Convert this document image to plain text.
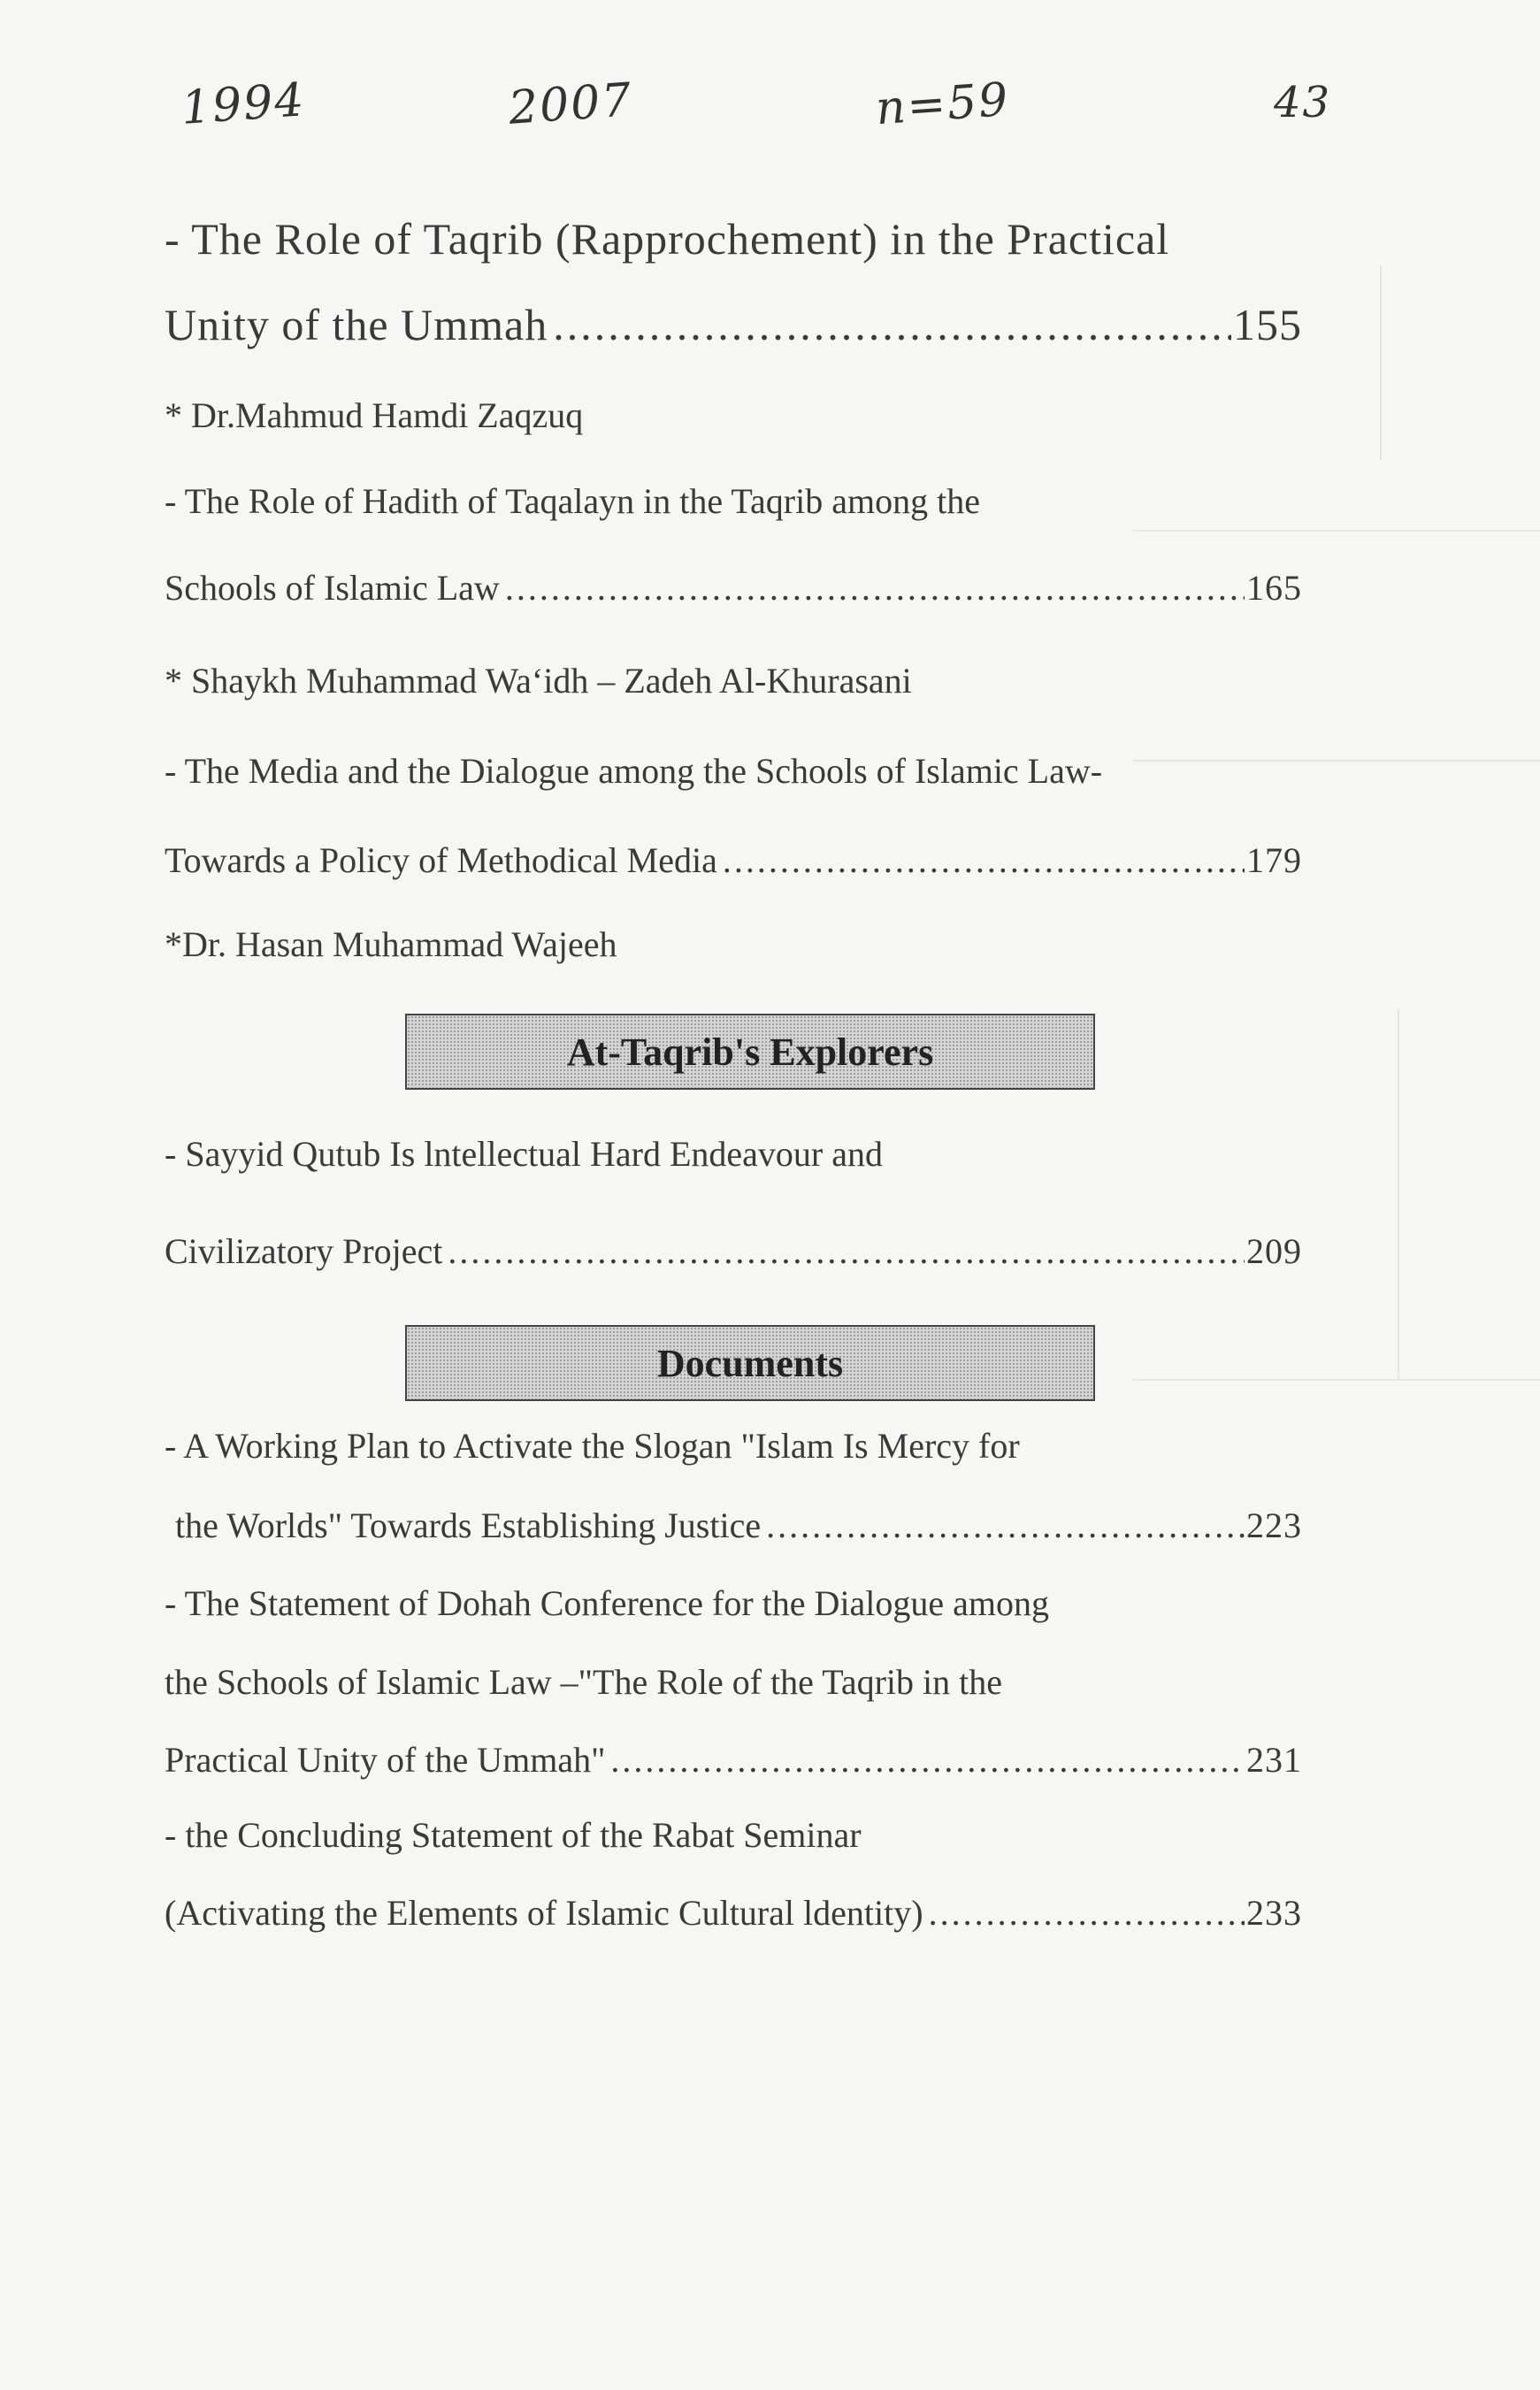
1994	2007	n=59	43
- The Role of Taqrib (Rapprochement) in the Practical
Unity of the Ummah .....	155
* Dr.Mahmud Hamdi Zaqzuq
- The Role of Hadith of Taqalayn in the Taqrib among the
Schools of Islamic Law .....	165
* Shaykh Muhammad Wa‘idh – Zadeh Al-Khurasani
- The Media and the Dialogue among the Schools of Islamic Law-
Towards a Policy of Methodical Media .....	179
*Dr. Hasan Muhammad Wajeeh
- Sayyid Qutub Is lntellectual Hard Endeavour and
Civilizatory Project .....	209
- A Working Plan to Activate the Slogan "Islam Is Mercy for
the Worlds" Towards Establishing Justice .....	223
- The Statement of Dohah Conference for the Dialogue among
the Schools of Islamic Law –"The Role of the Taqrib in the
Practical Unity of the Ummah" .....	231
- the Concluding Statement of the Rabat Seminar
(Activating the Elements of Islamic Cultural ldentity) .....	233
At-Taqrib's Explorers
Documents
